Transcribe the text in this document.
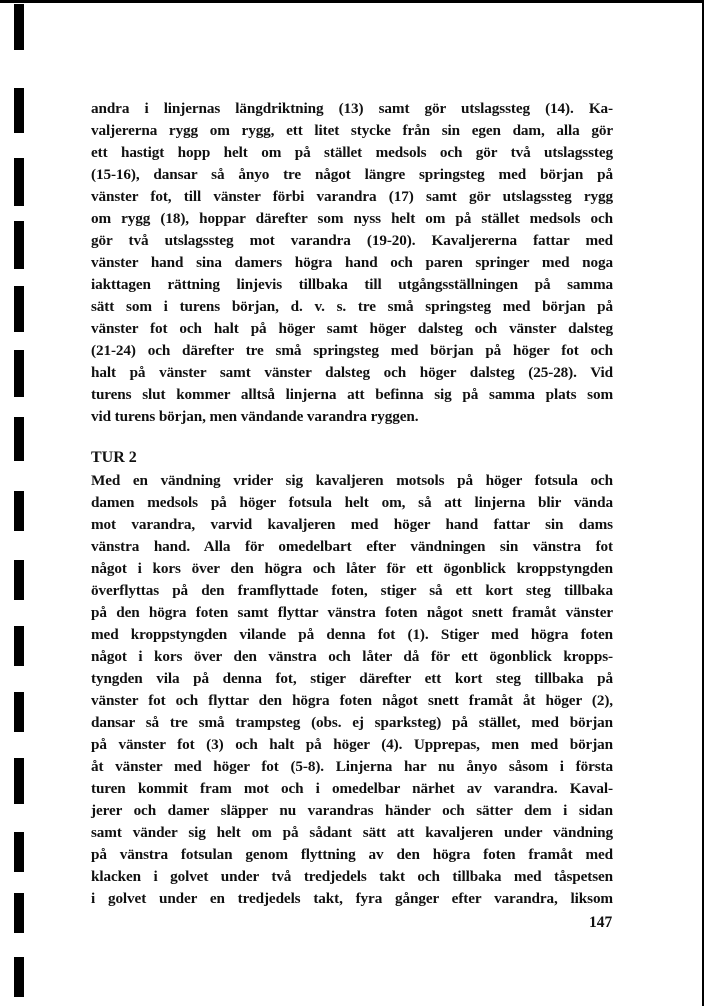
andra i linjernas längdriktning (13) samt gör utslagssteg (14). Ka-
valjererna rygg om rygg, ett litet stycke från sin egen dam, alla gör
ett hastigt hopp helt om på stället medsols och gör två utslagssteg
(15-16), dansar så ånyo tre något längre springsteg med början på
vänster fot, till vänster förbi varandra (17) samt gör utslagssteg rygg
om rygg (18), hoppar därefter som nyss helt om på stället medsols och
gör två utslagssteg mot varandra (19-20). Kavaljererna fattar med
vänster hand sina damers högra hand och paren springer med noga
iakttagen rättning linjevis tillbaka till utgångsställningen på samma
sätt som i turens början, d. v. s. tre små springsteg med början på
vänster fot och halt på höger samt höger dalsteg och vänster dalsteg
(21-24) och därefter tre små springsteg med början på höger fot och
halt på vänster samt vänster dalsteg och höger dalsteg (25-28). Vid
turens slut kommer alltså linjerna att befinna sig på samma plats som
vid turens början, men vändande varandra ryggen.
TUR 2
Med en vändning vrider sig kavaljeren motsols på höger fotsula och
damen medsols på höger fotsula helt om, så att linjerna blir vända
mot varandra, varvid kavaljeren med höger hand fattar sin dams
vänstra hand. Alla för omedelbart efter vändningen sin vänstra fot
något i kors över den högra och låter för ett ögonblick kroppstyngden
överflyttas på den framflyttade foten, stiger så ett kort steg tillbaka
på den högra foten samt flyttar vänstra foten något snett framåt vänster
med kroppstyngden vilande på denna fot (1). Stiger med högra foten
något i kors över den vänstra och låter då för ett ögonblick kropps-
tyngden vila på denna fot, stiger därefter ett kort steg tillbaka på
vänster fot och flyttar den högra foten något snett framåt åt höger (2),
dansar så tre små trampsteg (obs. ej sparksteg) på stället, med början
på vänster fot (3) och halt på höger (4). Upprepas, men med början
åt vänster med höger fot (5-8). Linjerna har nu ånyo såsom i första
turen kommit fram mot och i omedelbar närhet av varandra. Kaval-
jerer och damer släpper nu varandras händer och sätter dem i sidan
samt vänder sig helt om på sådant sätt att kavaljeren under vändning
på vänstra fotsulan genom flyttning av den högra foten framåt med
klacken i golvet under två tredjedels takt och tillbaka med tåspetsen
i golvet under en tredjedels takt, fyra gånger efter varandra, liksom
147
